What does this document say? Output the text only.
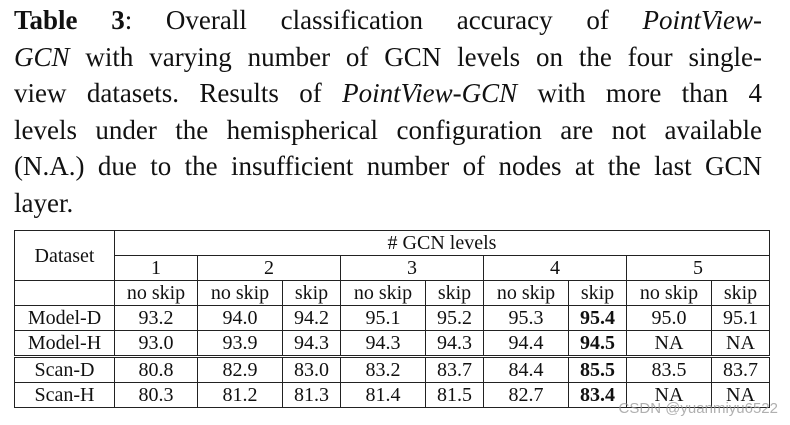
Table 3: Overall classification accuracy of PointView-
GCN with varying number of GCN levels on the four single-
view datasets. Results of PointView-GCN with more than 4
levels under the hemispherical configuration are not available
(N.A.) due to the insufficient number of nodes at the last GCN
layer.
Dataset	# GCN levels								
	1	2		3		4		5	
	no skip	no skip	skip	no skip	skip	no skip	skip	no skip	skip
Model-D	93.2	94.0	94.2	95.1	95.2	95.3	95.4	95.0	95.1
Model-H	93.0	93.9	94.3	94.3	94.3	94.4	94.5	NA	NA
Scan-D	80.8	82.9	83.0	83.2	83.7	84.4	85.5	83.5	83.7
Scan-H	80.3	81.2	81.3	81.4	81.5	82.7	83.4	NA	NA
CSDN @yuanmiyu6522
